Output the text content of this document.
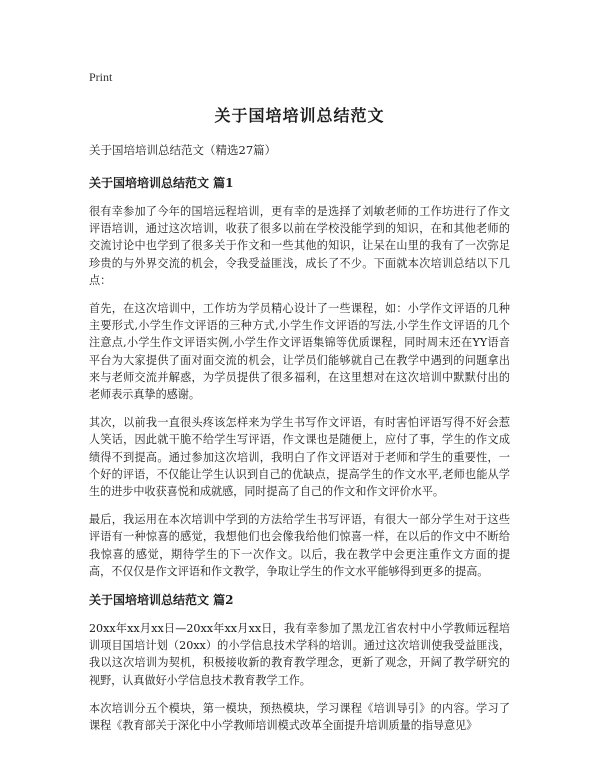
Print
关于国培培训总结范文
关于国培培训总结范文（精选27篇）
关于国培培训总结范文 篇1

很有幸参加了今年的国培远程培训，更有幸的是选择了刘敏老师的工作坊进行了作文评语培训，通过这次培训，收获了很多以前在学校没能学到的知识，在和其他老师的交流讨论中也学到了很多关于作文和一些其他的知识，让呆在山里的我有了一次弥足珍贵的与外界交流的机会，令我受益匪浅，成长了不少。下面就本次培训总结以下几点：

首先，在这次培训中，工作坊为学员精心设计了一些课程，如：小学作文评语的几种主要形式,小学生作文评语的三种方式,小学生作文评语的写法,小学生作文评语的几个注意点,小学生作文评语实例,小学生作文评语集锦等优质课程，同时周末还在YY语音平台为大家提供了面对面交流的机会，让学员们能够就自己在教学中遇到的问题拿出来与老师交流并解惑，为学员提供了很多福利，在这里想对在这次培训中默默付出的老师表示真挚的感谢。

其次，以前我一直很头疼该怎样来为学生书写作文评语，有时害怕评语写得不好会惹人笑话，因此就干脆不给学生写评语，作文课也是随便上，应付了事，学生的作文成绩得不到提高。通过参加这次培训，我明白了作文评语对于老师和学生的重要性，一个好的评语，不仅能让学生认识到自己的优缺点，提高学生的作文水平,老师也能从学生的进步中收获喜悦和成就感，同时提高了自己的作文和作文评价水平。

最后，我运用在本次培训中学到的方法给学生书写评语，有很大一部分学生对于这些评语有一种惊喜的感觉，我想他们也会像我给他们惊喜一样，在以后的作文中不断给我惊喜的感觉，期待学生的下一次作文。以后，我在教学中会更注重作文方面的提高，不仅仅是作文评语和作文教学，争取让学生的作文水平能够得到更多的提高。

关于国培培训总结范文 篇2

20xx年xx月xx日—20xx年xx月xx日，我有幸参加了黑龙江省农村中小学教师远程培训项目国培计划（20xx）的小学信息技术学科的培训。通过这次培训使我受益匪浅，我以这次培训为契机，积极接收新的教育教学理念，更新了观念，开阔了教学研究的视野，认真做好小学信息技术教育教学工作。

本次培训分五个模块，第一模块，预热模块，学习课程《培训导引》的内容。学习了课程《教育部关于深化中小学教师培训模式改革全面提升培训质量的指导意见》
